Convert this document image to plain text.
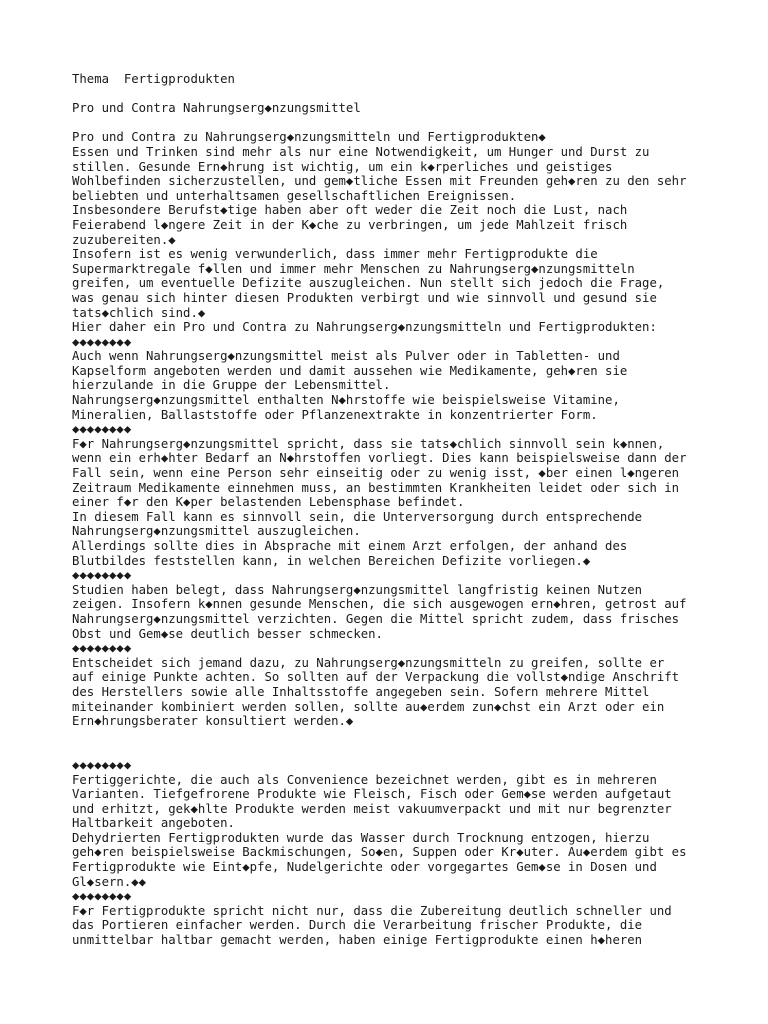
Thema  Fertigprodukten
Pro und Contra Nahrungserg◆nzungsmittel
Pro und Contra zu Nahrungserg◆nzungsmitteln und Fertigprodukten◆
Essen und Trinken sind mehr als nur eine Notwendigkeit, um Hunger und Durst zu
stillen. Gesunde Ern◆hrung ist wichtig, um ein k◆rperliches und geistiges
Wohlbefinden sicherzustellen, und gem◆tliche Essen mit Freunden geh◆ren zu den sehr
beliebten und unterhaltsamen gesellschaftlichen Ereignissen.
Insbesondere Berufst◆tige haben aber oft weder die Zeit noch die Lust, nach
Feierabend l◆ngere Zeit in der K◆che zu verbringen, um jede Mahlzeit frisch
zuzubereiten.◆
Insofern ist es wenig verwunderlich, dass immer mehr Fertigprodukte die
Supermarktregale f◆llen und immer mehr Menschen zu Nahrungserg◆nzungsmitteln
greifen, um eventuelle Defizite auszugleichen. Nun stellt sich jedoch die Frage,
was genau sich hinter diesen Produkten verbirgt und wie sinnvoll und gesund sie
tats◆chlich sind.◆
Hier daher ein Pro und Contra zu Nahrungserg◆nzungsmitteln und Fertigprodukten:
◆◆◆◆◆◆◆◆
Auch wenn Nahrungserg◆nzungsmittel meist als Pulver oder in Tabletten- und
Kapselform angeboten werden und damit aussehen wie Medikamente, geh◆ren sie
hierzulande in die Gruppe der Lebensmittel.
Nahrungserg◆nzungsmittel enthalten N◆hrstoffe wie beispielsweise Vitamine,
Mineralien, Ballaststoffe oder Pflanzenextrakte in konzentrierter Form.
◆◆◆◆◆◆◆◆
F◆r Nahrungserg◆nzungsmittel spricht, dass sie tats◆chlich sinnvoll sein k◆nnen,
wenn ein erh◆hter Bedarf an N◆hrstoffen vorliegt. Dies kann beispielsweise dann der
Fall sein, wenn eine Person sehr einseitig oder zu wenig isst, ◆ber einen l◆ngeren
Zeitraum Medikamente einnehmen muss, an bestimmten Krankheiten leidet oder sich in
einer f◆r den K◆per belastenden Lebensphase befindet.
In diesem Fall kann es sinnvoll sein, die Unterversorgung durch entsprechende
Nahrungserg◆nzungsmittel auszugleichen.
Allerdings sollte dies in Absprache mit einem Arzt erfolgen, der anhand des
Blutbildes feststellen kann, in welchen Bereichen Defizite vorliegen.◆
◆◆◆◆◆◆◆◆
Studien haben belegt, dass Nahrungserg◆nzungsmittel langfristig keinen Nutzen
zeigen. Insofern k◆nnen gesunde Menschen, die sich ausgewogen ern◆hren, getrost auf
Nahrungserg◆nzungsmittel verzichten. Gegen die Mittel spricht zudem, dass frisches
Obst und Gem◆se deutlich besser schmecken.
◆◆◆◆◆◆◆◆
Entscheidet sich jemand dazu, zu Nahrungserg◆nzungsmitteln zu greifen, sollte er
auf einige Punkte achten. So sollten auf der Verpackung die vollst◆ndige Anschrift
des Herstellers sowie alle Inhaltsstoffe angegeben sein. Sofern mehrere Mittel
miteinander kombiniert werden sollen, sollte au◆erdem zun◆chst ein Arzt oder ein
Ern◆hrungsberater konsultiert werden.◆
◆◆◆◆◆◆◆◆
Fertiggerichte, die auch als Convenience bezeichnet werden, gibt es in mehreren
Varianten. Tiefgefrorene Produkte wie Fleisch, Fisch oder Gem◆se werden aufgetaut
und erhitzt, gek◆hlte Produkte werden meist vakuumverpackt und mit nur begrenzter
Haltbarkeit angeboten.
Dehydrierten Fertigprodukten wurde das Wasser durch Trocknung entzogen, hierzu
geh◆ren beispielsweise Backmischungen, So◆en, Suppen oder Kr◆uter. Au◆erdem gibt es
Fertigprodukte wie Eint◆pfe, Nudelgerichte oder vorgegartes Gem◆se in Dosen und
Gl◆sern.◆◆
◆◆◆◆◆◆◆◆
F◆r Fertigprodukte spricht nicht nur, dass die Zubereitung deutlich schneller und
das Portieren einfacher werden. Durch die Verarbeitung frischer Produkte, die
unmittelbar haltbar gemacht werden, haben einige Fertigprodukte einen h◆heren
